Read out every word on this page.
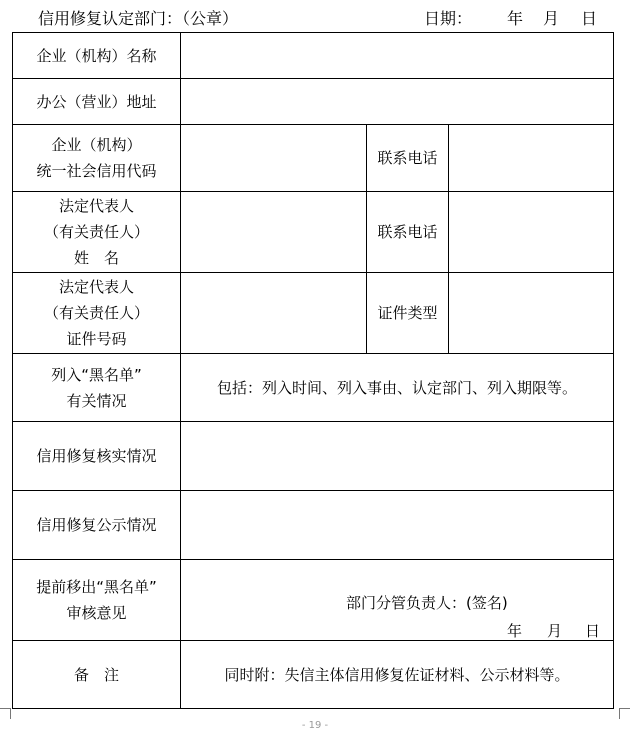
信用修复认定部门：（公章）	日期： 年 月 日
企业（机构）名称			
办公（营业）地址			

企业（机构）
统一社会信用代码		联系电话	

法定代表人
（有关责任人）
姓　名		联系电话	

法定代表人
（有关责任人）
证件号码		证件类型	

列入“黑名单”
有关情况	包括：列入时间、列入事由、认定部门、列入期限等。		
信用修复核实情况			
信用修复公示情况			

提前移出“黑名单”
审核意见	部门分管负责人：(签名)
年 月 日		

备　注	同时附：失信主体信用修复佐证材料、公示材料等。		
- 19 -
